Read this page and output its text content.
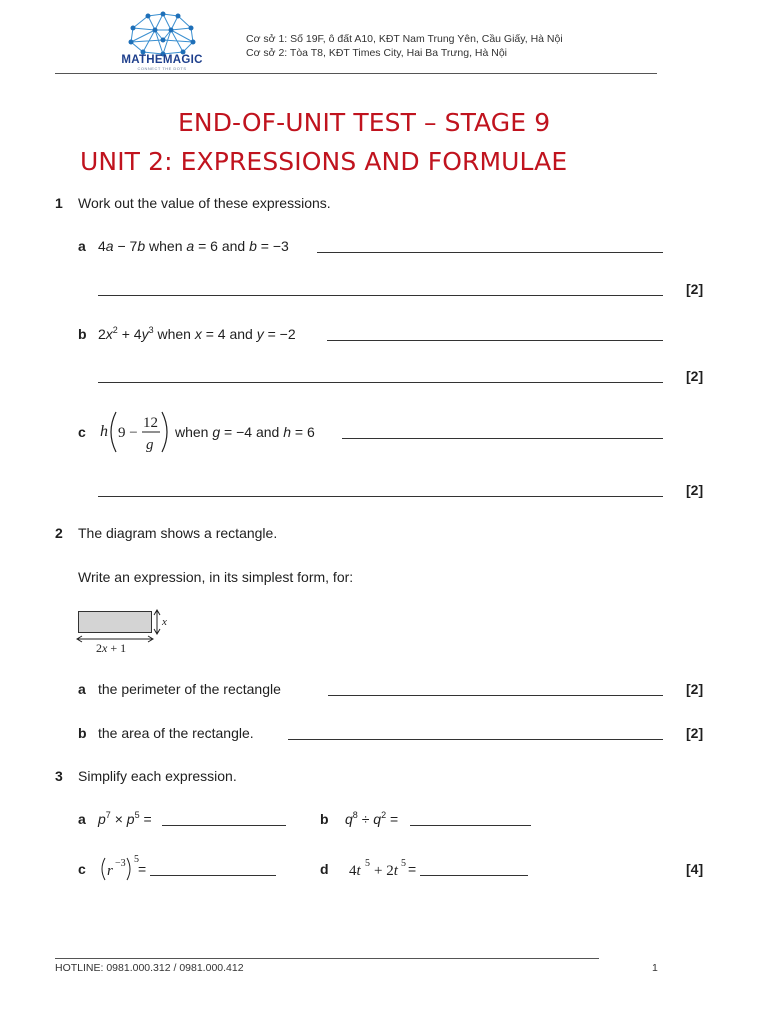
MATHEMAGIC
CONNECT THE DOTS
Cơ sở 1: Số 19F, ô đất A10, KĐT Nam Trung Yên, Cầu Giấy, Hà Nội
Cơ sở 2: Tòa T8, KĐT Times City, Hai Ba Trưng, Hà Nội
END-OF-UNIT TEST – STAGE 9
UNIT 2: EXPRESSIONS AND FORMULAE
1 Work out the value of these expressions.
a 4a − 7b when a = 6 and b = −3
[2]
b $2x^2 + 4y^3$ when x = 4 and y = −2
[2]
c h 9 −
12
g
when g = −4 and h = 6
[2]
2 The diagram shows a rectangle.
Write an expression, in its simplest form, for:
x
2x + 1
a the perimeter of the rectangle	[2]
b the area of the rectangle.	[2]
3 Simplify each expression.
a $p^7 \times p^5$ =	b $q^8 \div q^2$ =
c r −3 5
=	d 4t 5 + 2t 5 =	[4]
HOTLINE: 0981.000.312 / 0981.000.412	1
